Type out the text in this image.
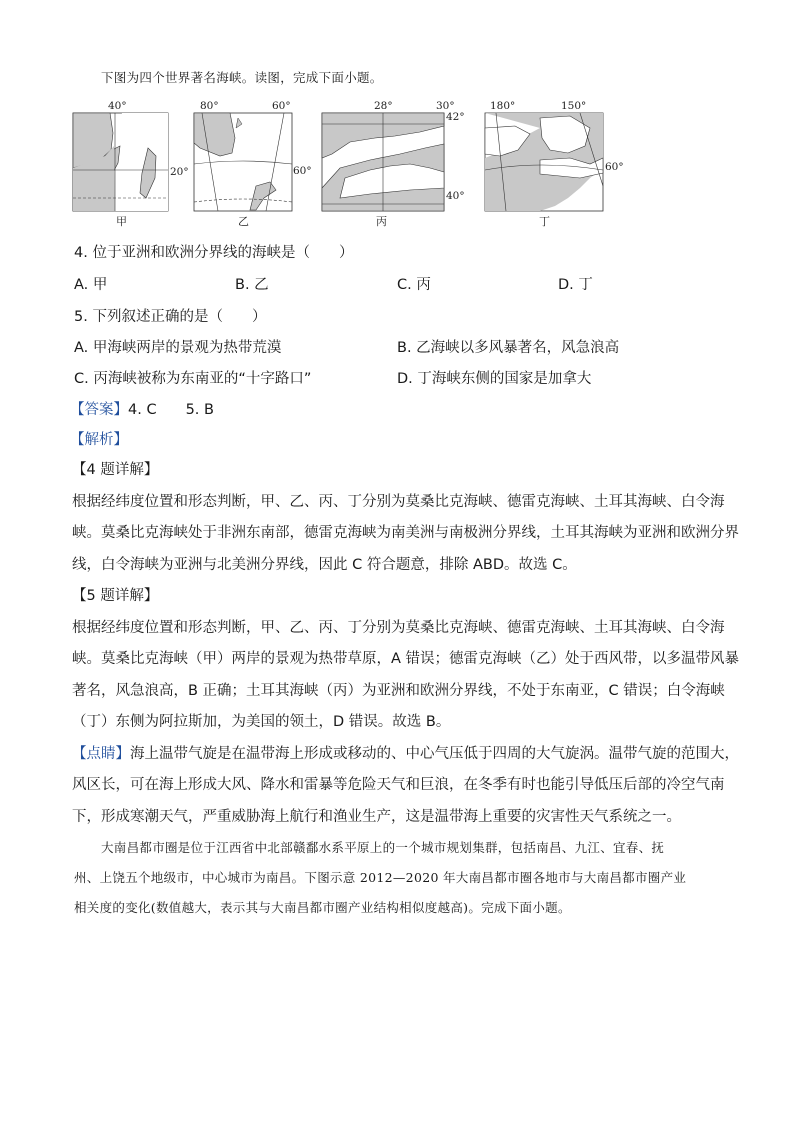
下图为四个世界著名海峡。读图，完成下面小题。
40°
20°
甲
80°	60°
60°
乙
28°	30°
42°
40°
丙
180°	150°
60°
丁
4. 位于亚洲和欧洲分界线的海峡是（　　）
A. 甲	B. 乙	C. 丙	D. 丁
5. 下列叙述正确的是（　　）
A. 甲海峡两岸的景观为热带荒漠	B. 乙海峡以多风暴著名，风急浪高
C. 丙海峡被称为东南亚的“十字路口”	D. 丁海峡东侧的国家是加拿大
【答案】4. C　　5. B
【解析】
【4 题详解】
根据经纬度位置和形态判断，甲、乙、丙、丁分别为莫桑比克海峡、德雷克海峡、土耳其海峡、白令海
峡。莫桑比克海峡处于非洲东南部，德雷克海峡为南美洲与南极洲分界线，土耳其海峡为亚洲和欧洲分界
线，白令海峡为亚洲与北美洲分界线，因此 C 符合题意，排除 ABD。故选 C。
【5 题详解】
根据经纬度位置和形态判断，甲、乙、丙、丁分别为莫桑比克海峡、德雷克海峡、土耳其海峡、白令海
峡。莫桑比克海峡（甲）两岸的景观为热带草原，A 错误；德雷克海峡（乙）处于西风带，以多温带风暴
著名，风急浪高，B 正确；土耳其海峡（丙）为亚洲和欧洲分界线，不处于东南亚，C 错误；白令海峡
（丁）东侧为阿拉斯加，为美国的领土，D 错误。故选 B。
【点睛】海上温带气旋是在温带海上形成或移动的、中心气压低于四周的大气旋涡。温带气旋的范围大，
风区长，可在海上形成大风、降水和雷暴等危险天气和巨浪，在冬季有时也能引导低压后部的冷空气南
下，形成寒潮天气，严重威胁海上航行和渔业生产，这是温带海上重要的灾害性天气系统之一。
大南昌都市圈是位于江西省中北部赣鄱水系平原上的一个城市规划集群，包括南昌、九江、宜春、抚
州、上饶五个地级市，中心城市为南昌。下图示意 2012—2020 年大南昌都市圈各地市与大南昌都市圈产业
相关度的变化(数值越大，表示其与大南昌都市圈产业结构相似度越高)。完成下面小题。
